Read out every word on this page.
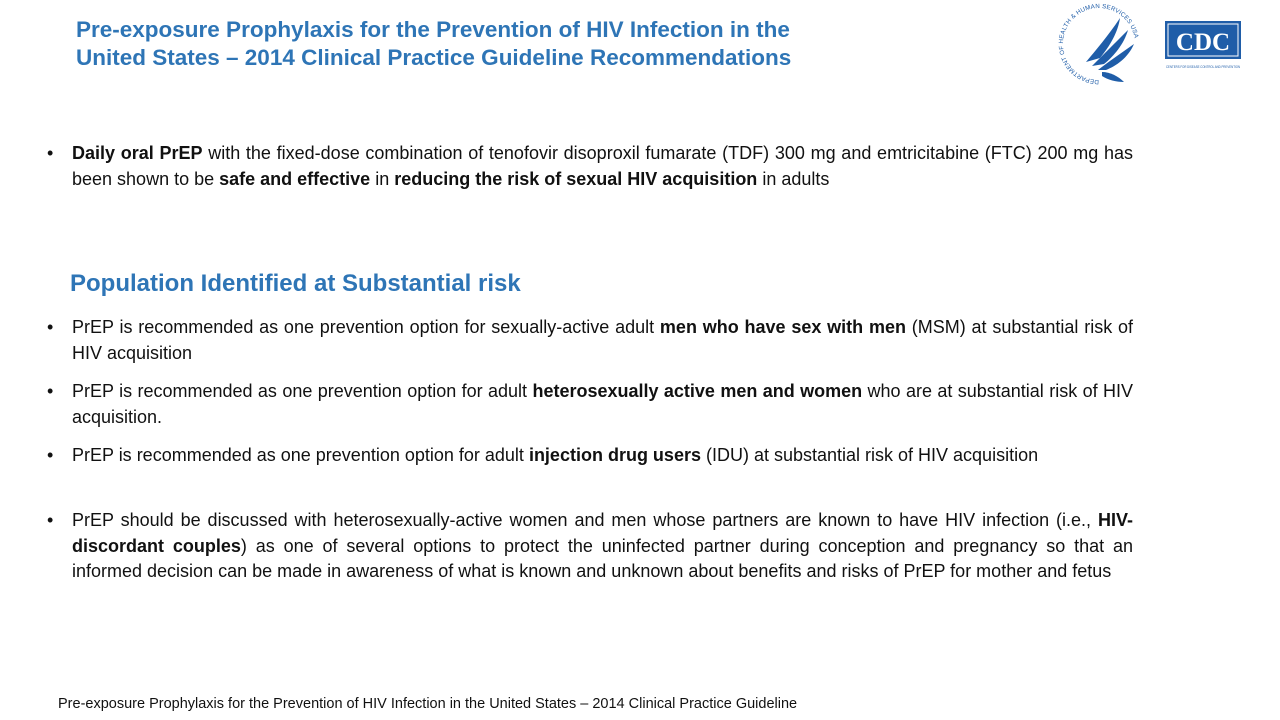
Pre-exposure Prophylaxis for the Prevention of HIV Infection in the
United States – 2014 Clinical Practice Guideline Recommendations
DEPARTMENT OF HEALTH & HUMAN SERVICES USA CDC
CENTERS FOR DISEASE CONTROL AND PREVENTION

• Daily oral PrEP with the fixed-dose combination of tenofovir disoproxil fumarate (TDF) 300 mg and emtricitabine (FTC) 200 mg has been shown to be safe and effective in reducing the risk of sexual HIV acquisition in adults

Population Identified at Substantial risk

• PrEP is recommended as one prevention option for sexually-active adult men who have sex with men (MSM) at substantial risk of HIV acquisition

• PrEP is recommended as one prevention option for adult heterosexually active men and women who are at substantial risk of HIV acquisition.

• PrEP is recommended as one prevention option for adult injection drug users (IDU) at substantial risk of HIV acquisition

• PrEP should be discussed with heterosexually-active women and men whose partners are known to have HIV infection (i.e., HIV-discordant couples) as one of several options to protect the uninfected partner during conception and pregnancy so that an informed decision can be made in awareness of what is known and unknown about benefits and risks of PrEP for mother and fetus

Pre-exposure Prophylaxis for the Prevention of HIV Infection in the United States – 2014 Clinical Practice Guideline
